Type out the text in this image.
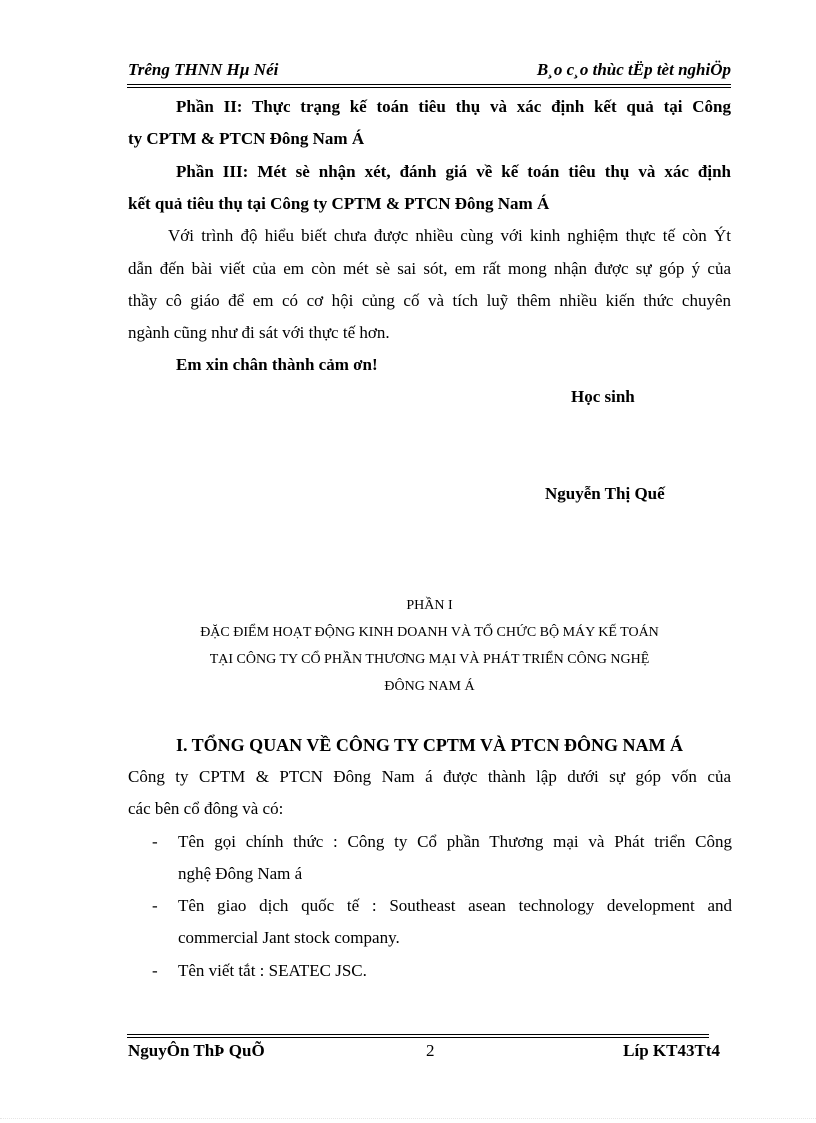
Trêng THNN Hµ Néi	B¸o c¸o thùc tËp tèt nghiÖp
Phần II: Thực trạng kế toán tiêu thụ và xác định kết quả tại Công
ty CPTM & PTCN Đông Nam Á
Phần III: Mét sè nhận xét, đánh giá về kế toán tiêu thụ và xác định
kết quả tiêu thụ tại Công ty CPTM & PTCN Đông Nam Á
Với trình độ hiểu biết chưa được nhiều cùng với kinh nghiệm thực tế còn Ýt
dẫn đến bài viết của em còn mét sè sai sót, em rất mong nhận được sự góp ý của
thầy cô giáo để em có cơ hội củng cố và tích luỹ thêm nhiều kiến thức chuyên
ngành cũng như đi sát với thực tế hơn.
Em xin chân thành cảm ơn!
Học sinh
Nguyễn Thị Quế
PHẦN I
ĐẶC ĐIỂM HOẠT ĐỘNG KINH DOANH VÀ TỔ CHỨC BỘ MÁY KẾ TOÁN
TẠI CÔNG TY CỔ PHẦN THƯƠNG MẠI VÀ PHÁT TRIỂN CÔNG NGHỆ
ĐÔNG NAM Á
I. TỔNG QUAN VỀ CÔNG TY CPTM VÀ PTCN ĐÔNG NAM Á
Công ty CPTM & PTCN Đông Nam á được thành lập dưới sự góp vốn của
các bên cổ đông và có:
- Tên gọi chính thức : Công ty Cổ phần Thương mại và Phát triển Công
nghệ Đông Nam á
- Tên giao dịch quốc tế : Southeast asean technology development and
commercial Jant stock company.
- Tên viết tắt : SEATEC JSC.
NguyÔn ThÞ QuÕ	2	Líp KT43Tt4
